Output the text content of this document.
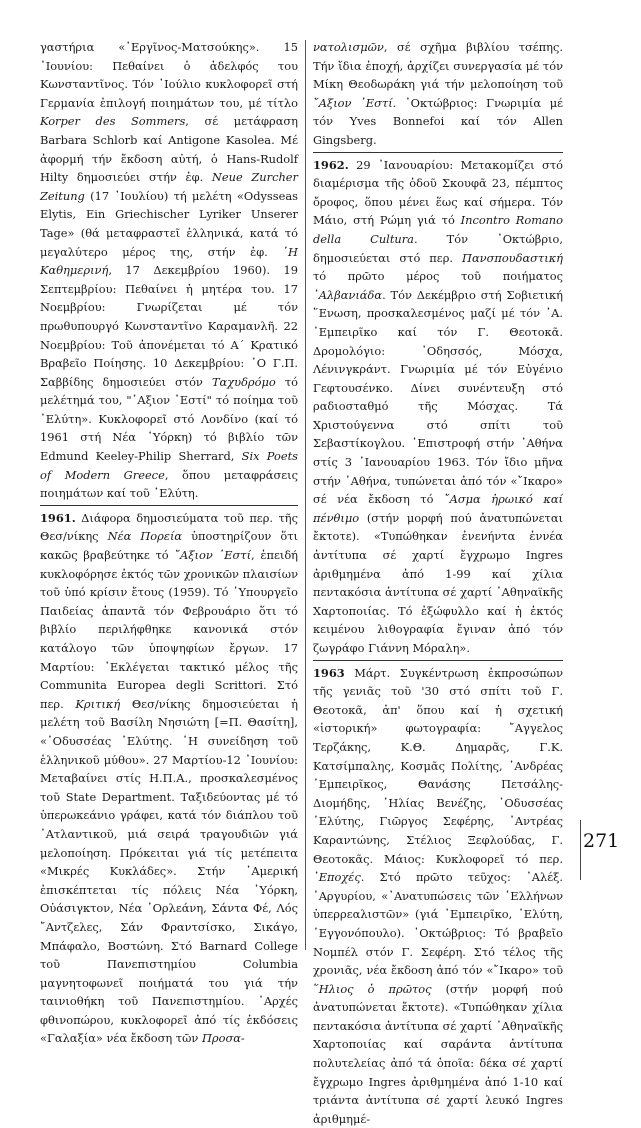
γαστήρια «᾽Εργῖνος-Ματσούκης». 15 ᾽Ιουνίου: Πεθαίνει ὁ ἀδελφός του Κωνσταντῖνος. Τόν ᾽Ιούλιο κυκλοφορεῖ στή Γερμανία ἐπιλογή ποιημάτων του, μέ τίτλο Korper des Sommers, σέ μετάφραση Barbara Schlorb καί Antigone Kasolea. Μέ ἀφορμή τήν ἔκδοση αὐτή, ὁ Hans-Rudolf Hilty δημοσιεύει στήν ἐφ. Neue Zurcher Zeitung (17 ᾽Ιουλίου) τή μελέτη «Odysseas Elytis, Ein Griechischer Lyriker Unserer Tage» (θά μεταφραστεῖ ἑλληνικά, κατά τό μεγαλύτερο μέρος της, στήν ἐφ. ῾Η Καθημερινή, 17 Δεκεμβρίου 1960). 19 Σεπτεμβρίου: Πεθαίνει ἡ μητέρα του. 17 Νοεμβρίου: Γνωρίζεται μέ τόν πρωθυπουργό Κωνσταντῖνο Καραμανλῆ. 22 Νοεμβρίου: Τοῦ ἀπονέμεται τό Α΄ Κρατικό Βραβεῖο Ποίησης. 10 Δεκεμβρίου: ῾Ο Γ.Π. Σαββίδης δημοσιεύει στόν Ταχυδρόμο τό μελέτημά του, "᾽Αξιον ᾽Εστί" τό ποίημα τοῦ ᾽Ελύτη». Κυκλοφορεῖ στό Λονδίνο (καί τό 1961 στή Νέα ῾Υόρκη) τό βιβλίο τῶν Edmund Keeley-Philip Sherrard, Six Poets of Modern Greece, ὅπου μεταφράσεις ποιημάτων καί τοῦ ᾽Ελύτη.

1961. Διάφορα δημοσιεύματα τοῦ περ. τῆς Θεσ/νίκης Νέα Πορεία ὑποστηρίζουν ὅτι κακῶς βραβεύτηκε τό ῎Αξιον ᾽Εστί, ἐπειδή κυκλοφόρησε ἐκτός τῶν χρονικῶν πλαισίων τοῦ ὑπό κρίσιν ἔτους (1959). Τό ῾Υπουργεῖο Παιδείας ἀπαντᾶ τόν Φεβρουάριο ὅτι τό βιβλίο περιλήφθηκε κανονικά στόν κατάλογο τῶν ὑποψηφίων ἔργων. 17 Μαρτίου: ᾽Εκλέγεται τακτικό μέλος τῆς Communita Europea degli Scrittori. Στό περ. Κριτική Θεσ/νίκης δημοσιεύεται ἡ μελέτη τοῦ Βασίλη Νησιώτη [=Π. Θασίτη], «᾽Οδυσσέας ᾽Ελύτης. ῾Η συνείδηση τοῦ ἑλληνικοῦ μύθου». 27 Μαρτίου-12 ᾽Ιουνίου: Μεταβαίνει στίς Η.Π.Α., προσκαλεσμένος τοῦ State Department. Ταξιδεύοντας μέ τό ὑπερωκεάνιο γράφει, κατά τόν διάπλου τοῦ ᾽Ατλαντικοῦ, μιά σειρά τραγουδιῶν γιά μελοποίηση. Πρόκειται γιά τίς μετέπειτα «Μικρές Κυκλάδες». Στήν ᾽Αμερική ἐπισκέπτεται τίς πόλεις Νέα ῾Υόρκη, Οὐάσιγκτον, Νέα ᾽Ορλεάνη, Σάντα Φέ, Λός ῎Αντζελες, Σάν Φραντσίσκο, Σικάγο, Μπάφαλο, Βοστώνη. Στό Barnard College τοῦ Πανεπιστημίου Columbia μαγνητοφωνεῖ ποιήματά του γιά τήν ταινιοθήκη τοῦ Πανεπιστημίου. ᾽Αρχές φθινοπώρου, κυκλοφορεῖ ἀπό τίς ἐκδόσεις «Γαλαξία» νέα ἔκδοση τῶν Προσα-

νατολισμῶν, σέ σχῆμα βιβλίου τσέπης. Τήν ἴδια ἐποχή, ἀρχίζει συνεργασία μέ τόν Μίκη Θεοδωράκη γιά τήν μελοποίηση τοῦ ῎Αξιον ᾽Εστί. ᾽Οκτώβριος: Γνωριμία μέ τόν Yves Bonnefoi καί τόν Allen Gingsberg.

1962. 29 ᾽Ιανουαρίου: Μετακομίζει στό διαμέρισμα τῆς ὁδοῦ Σκουφᾶ 23, πέμπτος ὄροφος, ὅπου μένει ἕως καί σήμερα. Τόν Μάιο, στή Ρώμη γιά τό Incontro Romano della Cultura. Τόν ᾽Οκτώβριο, δημοσιεύεται στό περ. Πανσπουδαστική τό πρῶτο μέρος τοῦ ποιήματος ᾽Αλβανιάδα. Τόν Δεκέμβριο στή Σοβιετική ῞Ενωση, προσκαλεσμένος μαζί μέ τόν ᾽Α. ᾽Εμπειρῖκο καί τόν Γ. Θεοτοκᾶ. Δρομολόγιο: ᾽Οδησσός, Μόσχα, Λένινγκράντ. Γνωριμία μέ τόν Εὐγένιο Γεφτουσένκο. Δίνει συνέντευξη στό ραδιοσταθμό τῆς Μόσχας. Τά Χριστούγεννα στό σπίτι τοῦ Σεβαστίκογλου. ᾽Επιστροφή στήν ᾽Αθήνα στίς 3 ᾽Ιανουαρίου 1963. Τόν ἴδιο μῆνα στήν ᾽Αθήνα, τυπώνεται ἀπό τόν «῎Ικαρο» σέ νέα ἔκδοση τό ῎Ασμα ἡρωικό καί πένθιμο (στήν μορφή πού ἀνατυπώνεται ἔκτοτε). «Τυπώθηκαν ἐνενήντα ἐννέα ἀντίτυπα σέ χαρτί ἔγχρωμο Ingres ἀριθμημένα ἀπό 1-99 καί χίλια πεντακόσια ἀντίτυπα σέ χαρτί ᾽Αθηναϊκῆς Χαρτοποιίας. Τό ἐξώφυλλο καί ἡ ἐκτός κειμένου λιθογραφία ἔγιναν ἀπό τόν ζωγράφο Γιάννη Μόραλη».

1963 Μάρτ. Συγκέντρωση ἐκπροσώπων τῆς γενιᾶς τοῦ '30 στό σπίτι τοῦ Γ. Θεοτοκᾶ, ἀπ' ὅπου καί ἡ σχετική «ἱστορική» φωτογραφία: ῎Αγγελος Τερζάκης, Κ.Θ. Δημαρᾶς, Γ.Κ. Κατσίμπαλης, Κοσμᾶς Πολίτης, ᾽Ανδρέας ᾽Εμπειρῖκος, Θανάσης Πετσάλης-Διομήδης, ᾽Ηλίας Βενέζης, ᾽Οδυσσέας ᾽Ελύτης, Γιῶργος Σεφέρης, ᾽Αντρέας Καραντώνης, Στέλιος Ξεφλούδας, Γ. Θεοτοκᾶς. Μάιος: Κυκλοφορεῖ τό περ. ᾽Εποχές. Στό πρῶτο τεῦχος: ᾽Αλέξ. ᾽Αργυρίου, «᾽Ανατυπώσεις τῶν ῾Ελλήνων ὑπερρεαλιστῶν» (γιά ᾽Εμπειρῖκο, ᾽Ελύτη, ᾽Εγγονόπουλο). ᾽Οκτώβριος: Τό βραβεῖο Νομπέλ στόν Γ. Σεφέρη. Στό τέλος τῆς χρονιᾶς, νέα ἔκδοση ἀπό τόν «῎Ικαρο» τοῦ ῞Ηλιος ὁ πρῶτος (στήν μορφή πού ἀνατυπώνεται ἔκτοτε). «Τυπώθηκαν χίλια πεντακόσια ἀντίτυπα σέ χαρτί ᾽Αθηναϊκῆς Χαρτοποιίας καί σαράντα ἀντίτυπα πολυτελείας ἀπό τά ὁποῖα: δέκα σέ χαρτί ἔγχρωμο Ingres ἀριθμημένα ἀπό 1-10 καί τριάντα ἀντίτυπα σέ χαρτί λευκό Ingres ἀριθμημέ-

271
